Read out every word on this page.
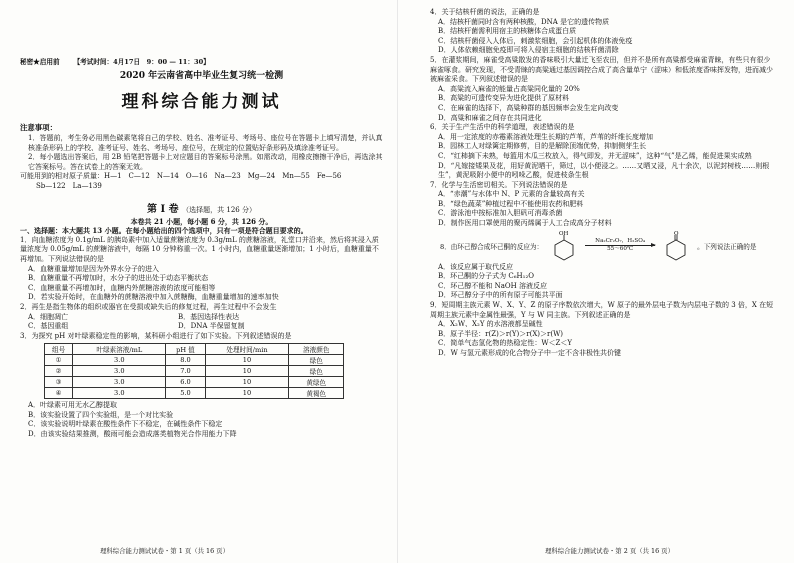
秘密★启用前 【考试时间：4月17日　9：00 — 11：30】
2020 年云南省高中毕业生复习统一检测
理科综合能力测试
注意事项：

1．答题前，考生务必用黑色碳素笔将自己的学校、姓名、准考证号、考场号、座位号在答题卡上填写清楚，并认真核准条形码上的学校、准考证号、姓名、考场号、座位号，在规定的位置贴好条形码及填涂准考证号。

2．每小题选出答案后，用 2B 铅笔把答题卡上对应题目的答案标号涂黑。如需改动，用橡皮擦擦干净后，再选涂其它答案标号。答在试卷上的答案无效。

可能用到的相对原子质量：H—1　C—12　N—14　O—16　Na—23　Mg—24　Mn—55　Fe—56

Sb—122　La—139

第 Ⅰ 卷 （选择题，共 126 分）

本卷共 21 小题，每小题 6 分，共 126 分。

一、选择题：本大题共 13 小题。在每小题给出的四个选项中，只有一项是符合题目要求的。

1．向血糖浓度为 0.1g/mL 的胰岛素中加入适量蔗糖浓度为 0.3g/mL 的蔗糖溶液，礼堂口并沿来，然后将其浸入质量浓度为 0.05g/mL 的蔗糖溶液中，每隔 10 分钟称重一次。1 小时内，血糖重量逐渐增加；1 小时后，血糖重量不再增加。下列说法错误的是

A．血糖重量增加是因为外界水分子的进入

B．血糖重量不再增加时，水分子的进出处于动态平衡状态

C．血糖重量不再增加时，血糖内外蔗糖溶液的浓度可能相等

D．若实验开始时，在血糖外的蔗糖溶液中加入蔗糖酶，血糖重量增加的速率加快

2．再生是指生物体的组织或器官在受损或缺失后的修复过程，再生过程中不会发生

A．细胞凋亡	B．基因选择性表达
C．基因重组	D．DNA 半保留复制

3．为探究 pH 对叶绿素稳定性的影响，某科研小组进行了如下实验。下列叙述错误的是

组号	叶绿素溶液/mL	pH 值	处理时间/min	溶液颜色
①	3.0	8.0	10	绿色
②	3.0	7.0	10	绿色
③	3.0	6.0	10	黄绿色
④	3.0	5.0	10	黄褐色

A．叶绿素可用无水乙醇提取

B．该实验设置了四个实验组，是一个对比实验

C．该实验说明叶绿素在酸性条件下不稳定，在碱性条件下稳定

D．由该实验结果推测，酸雨可能会造成落类植物光合作用能力下降

4．关于结核杆菌的说法，正确的是

A．结核杆菌同时含有两种核酸，DNA 是它的遗传物质

B．结核杆菌需利用宿主的核糖体合成蛋白质

C．结核杆菌侵入人体后，刺激浆细胞，会引起机体的体液免疫

D．人体依赖细胞免疫即可将入侵宿主细胞的结核杆菌清除

5．在灌浆期间，麻雀受高粱散发的香味吸引大量迁飞至农田，但并不是所有高粱都受麻雀青睐，有些只有很少麻雀啄食。研究发现，不受青睐的高粱通过基因调控合成了高含量单宁（涩味）和低浓度香味挥发物，进而减少被麻雀采食。下列叙述错误的是

A．高粱流入麻雀的能量占高粱同化量的 20%

B．高粱的可遗传变异为进化提供了原材料

C．在麻雀的选择下，高粱种群的基因频率会发生定向改变

D．高粱和麻雀之间存在共同进化

6．关于生产生活中的科学道理，表述错误的是

A．用一定浓度的赤霉素溶液处理生长期的芦苇，芦苇的纤维长度增加

B．园林工人对绿篱定期修剪，目的是解除顶端优势，抑制侧芽生长

C．“红柿摘下未熟，每篮用木瓜三枚放入，得气即发，并无涩味”，这种“气”是乙烯，能促进果实成熟

D．“凡嫁接矮果及花，用好黄泥晒干，筛过，以小便浸之。……又晒又浸，凡十余次，以泥封树枝……则根生”，黄泥吸附小便中的吲哚乙酸，促进枝条生根

7．化学与生活密切相关。下列说法错误的是

A．“赤潮”与水体中 N、P 元素的含量较高有关

B．“绿色蔬菜”种植过程中不能使用农药和肥料

C．游泳池中按标准加入胆矾可消毒杀菌

D．制作医用口罩使用的聚丙烯属于人工合成高分子材料

8．由环己醇合成环己酮的反应为：
OH
Na₂Cr₂O₇，H₂SO₄
55～60℃
O
。下列说法正确的是

A．该反应属于取代反应

B．环己酮的分子式为 C₆H₁₂O

C．环己醇不能和 NaOH 溶液反应

D．环己醇分子中的所有原子可能共平面

9．短周期主族元素 W、X、Y、Z 的原子序数依次增大，W 原子的最外层电子数为内层电子数的 3 倍，X 在短周期主族元素中金属性最强，Y 与 W 同主族。下列叙述正确的是

A．X₂W、X₂Y 的水溶液都呈碱性

B．原子半径：r(Z)＞r(Y)＞r(X)＞r(W)

C．简单气态氢化物的热稳定性：W＜Z＜Y

D．W 与氢元素形成的化合物分子中一定不含非极性共价键

理科综合能力测试试卷・第 1 页（共 16 页）	理科综合能力测试试卷・第 2 页（共 16 页）
